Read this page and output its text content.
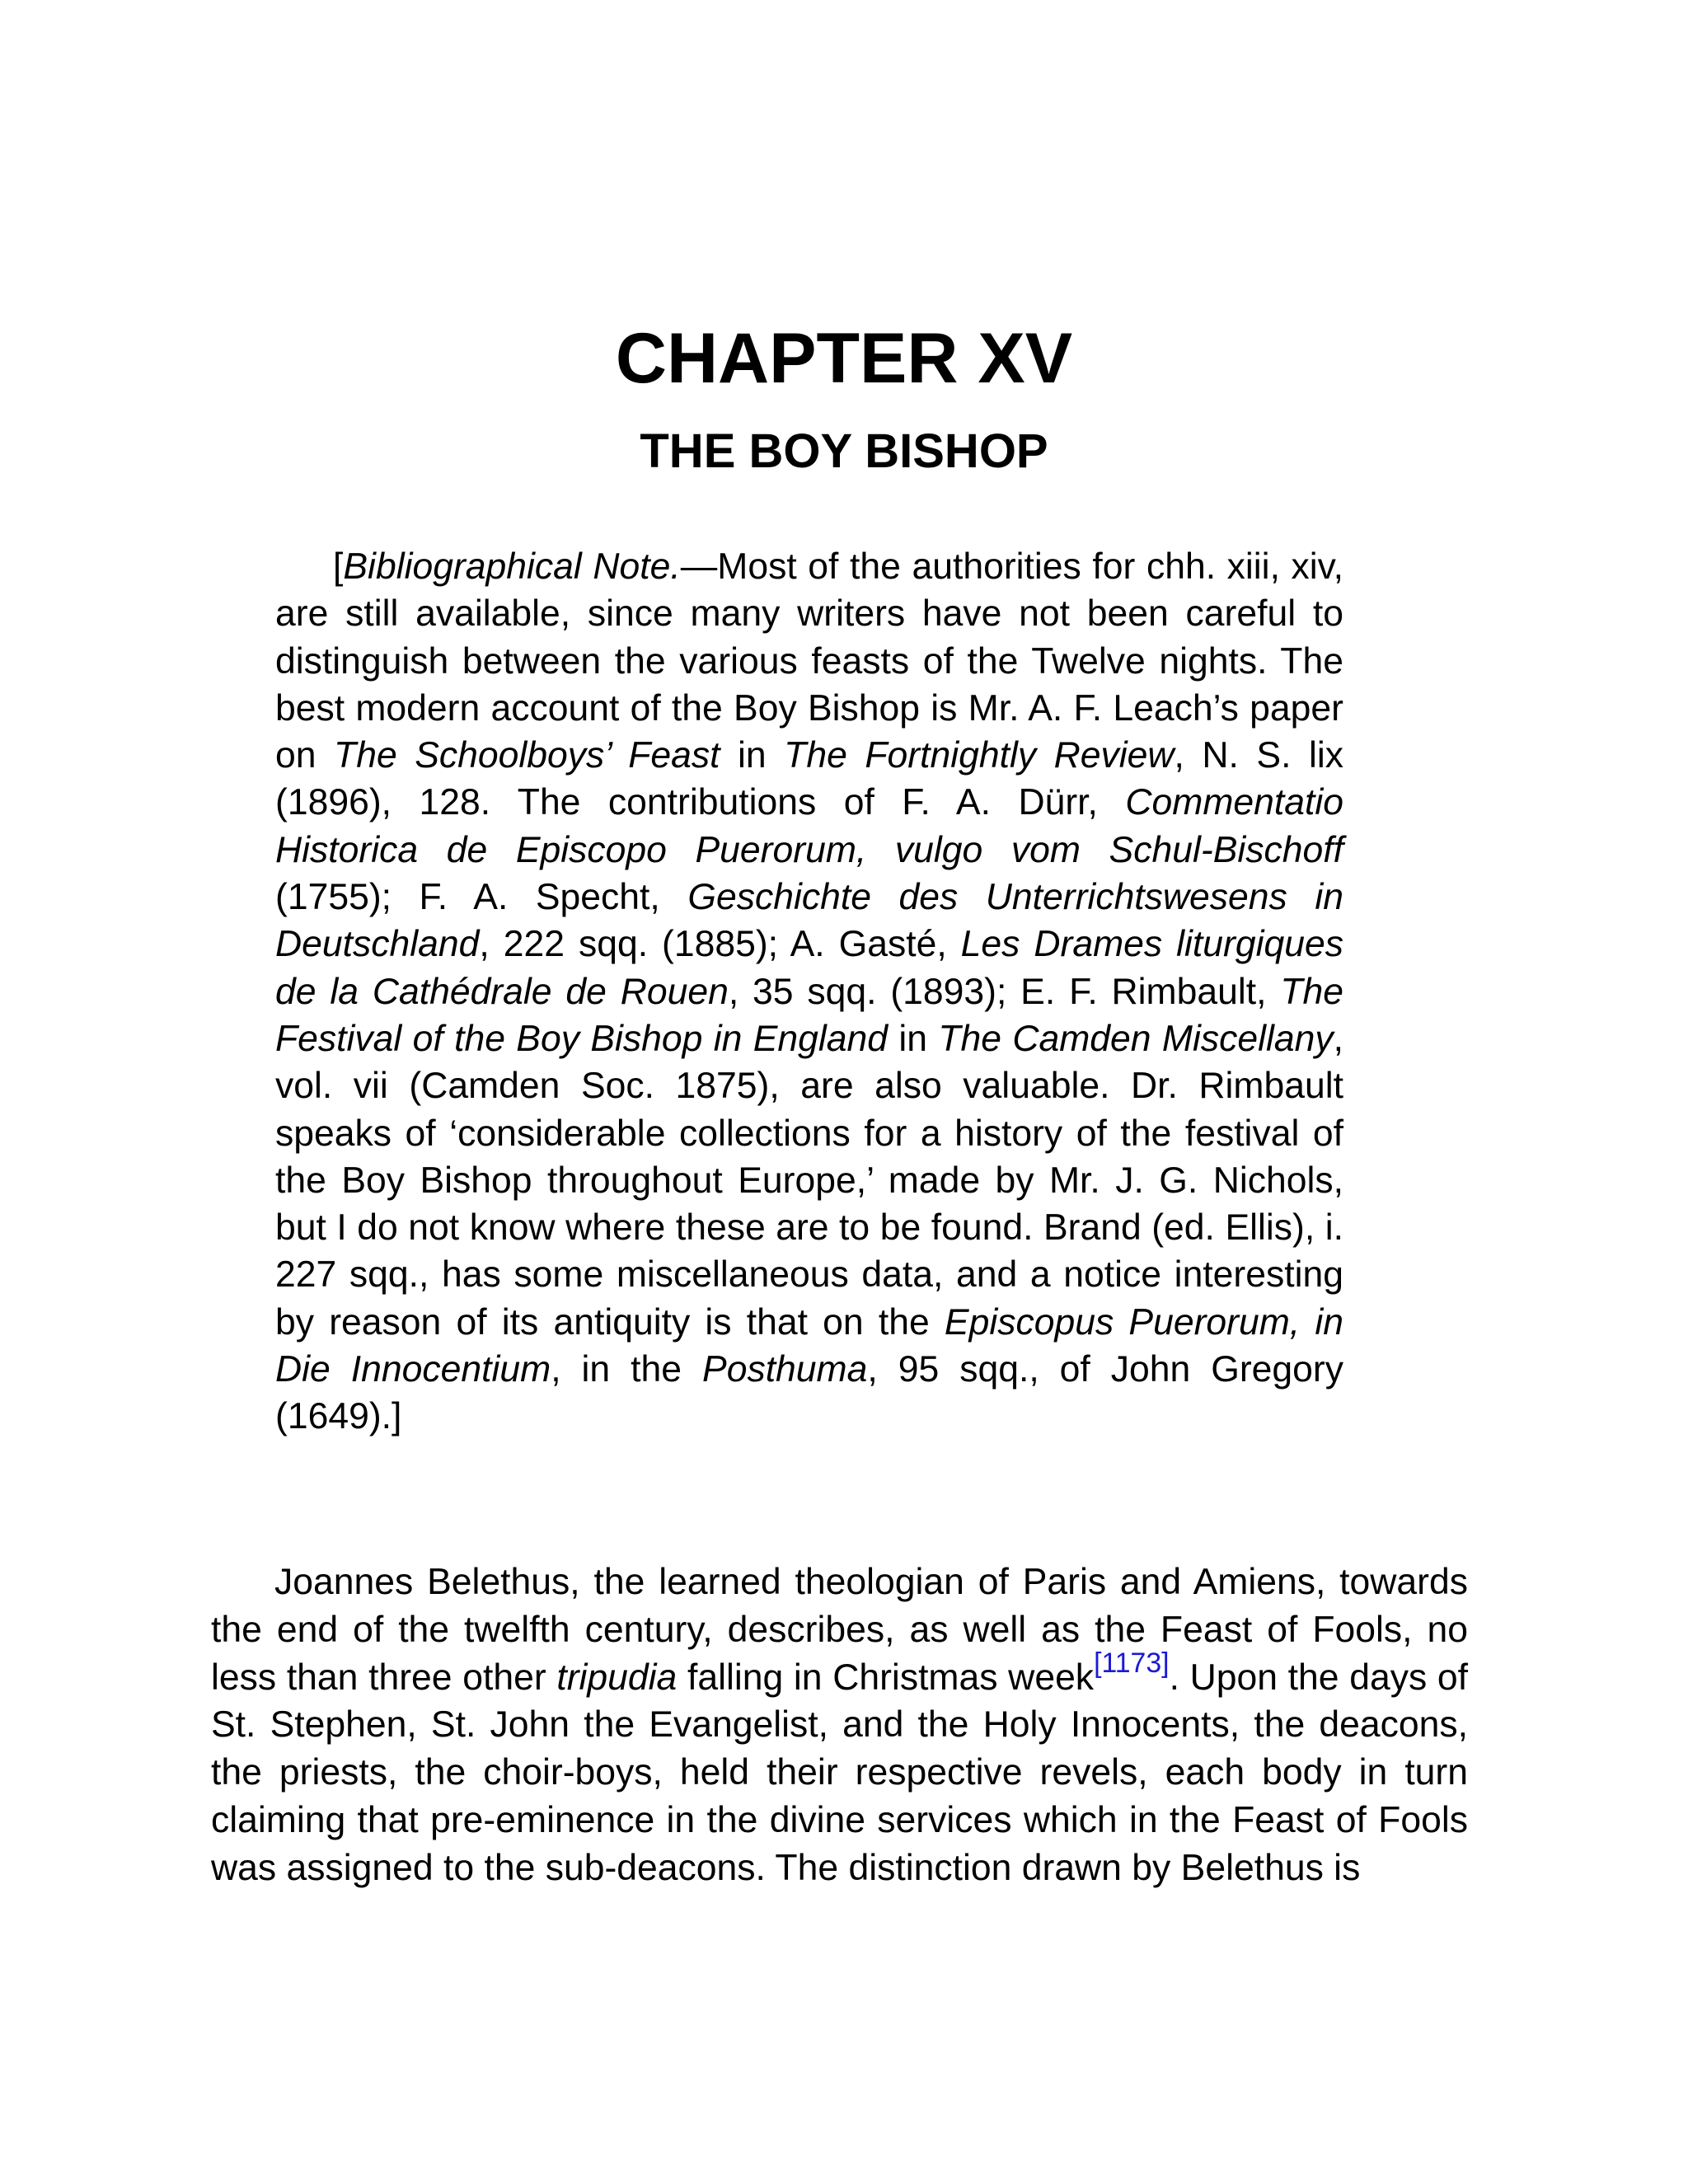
CHAPTER XV
THE BOY BISHOP

[Bibliographical Note.—Most of the authorities for chh. xiii, xiv, are still available, since many writers have not been careful to distinguish between the various feasts of the Twelve nights. The best modern account of the Boy Bishop is Mr. A. F. Leach’s paper on The Schoolboys’ Feast in The Fortnightly Review, N. S. lix (1896), 128. The contributions of F. A. Dürr, Commentatio Historica de Episcopo Puerorum, vulgo vom Schul-Bischoff (1755); F. A. Specht, Geschichte des Unterrichtswesens in Deutschland, 222 sqq. (1885); A. Gasté, Les Drames liturgiques de la Cathédrale de Rouen, 35 sqq. (1893); E. F. Rimbault, The Festival of the Boy Bishop in England in The Camden Miscellany, vol. vii (Camden Soc. 1875), are also valuable. Dr. Rimbault speaks of ‘considerable collections for a history of the festival of the Boy Bishop throughout Europe,’ made by Mr. J. G. Nichols, but I do not know where these are to be found. Brand (ed. Ellis), i. 227 sqq., has some miscellaneous data, and a notice interesting by reason of its antiquity is that on the Episcopus Puerorum, in Die Innocentium, in the Posthuma, 95 sqq., of John Gregory (1649).]

Joannes Belethus, the learned theologian of Paris and Amiens, towards the end of the twelfth century, describes, as well as the Feast of Fools, no less than three other tripudia falling in Christmas week[1173]. Upon the days of St. Stephen, St. John the Evangelist, and the Holy Innocents, the deacons, the priests, the choir-boys, held their respective revels, each body in turn claiming that pre-eminence in the divine services which in the Feast of Fools was assigned to the sub-deacons. The distinction drawn by Belethus is
